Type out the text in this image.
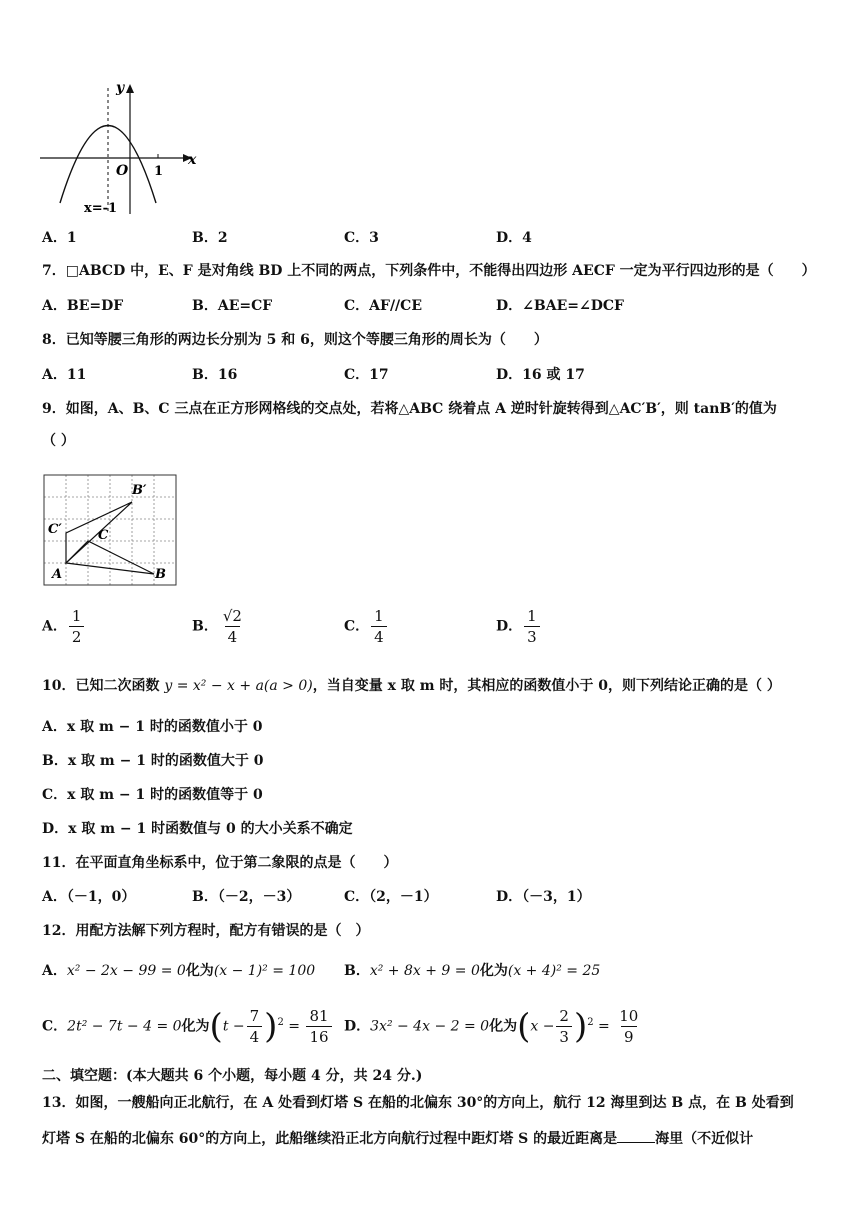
y
x
O 1
x=-1
A．1	B．2	C．3	D．4
7．□ABCD 中，E、F 是对角线 BD 上不同的两点，下列条件中，不能得出四边形 AECF 一定为平行四边形的是（　　）
A．BE=DF	B．AE=CF	C．AF//CE	D．∠BAE=∠DCF
8．已知等腰三角形的两边长分别为 5 和 6，则这个等腰三角形的周长为（　　）
A．11	B．16	C．17	D．16 或 17
9．如图，A、B、C 三点在正方形网格线的交点处，若将△ABC 绕着点 A 逆时针旋转得到△AC′B′，则 tanB′的值为
（ ）
A	B
C
C′
B′
A． $\frac{1}{2}$	B． $\frac{√2}{4}$	C． $\frac{1}{4}$	D． $\frac{1}{3}$
10．已知二次函数 y = x² − x + a(a > 0)，当自变量 x 取 m 时，其相应的函数值小于 0，则下列结论正确的是（ ）
A．x 取 m − 1 时的函数值小于 0
B．x 取 m − 1 时的函数值大于 0
C．x 取 m − 1 时的函数值等于 0
D．x 取 m − 1 时函数值与 0 的大小关系不确定
11．在平面直角坐标系中，位于第二象限的点是（　　）
A．（－1，0）	B．（－2，－3）	C．（2，－1）	D．（－3，1）
12．用配方法解下列方程时，配方有错误的是（　）
A．x² − 2x − 99 = 0化为(x − 1)² = 100 B．x² + 8x + 9 = 0化为(x + 4)² = 25
C．2t² − 7t − 4 = 0化为$(t - \frac{7}{4} )^2 = \frac{81}{16}$ D．3x² − 4x − 2 = 0化为$(x - \frac{2}{3} )^2 = \frac{10}{9}$
二、填空题：(本大题共 6 个小题，每小题 4 分，共 24 分.)
13．如图，一艘船向正北航行，在 A 处看到灯塔 S 在船的北偏东 30°的方向上，航行 12 海里到达 B 点，在 B 处看到
灯塔 S 在船的北偏东 60°的方向上，此船继续沿正北方向航行过程中距灯塔 S 的最近距离是	海里（不近似计
